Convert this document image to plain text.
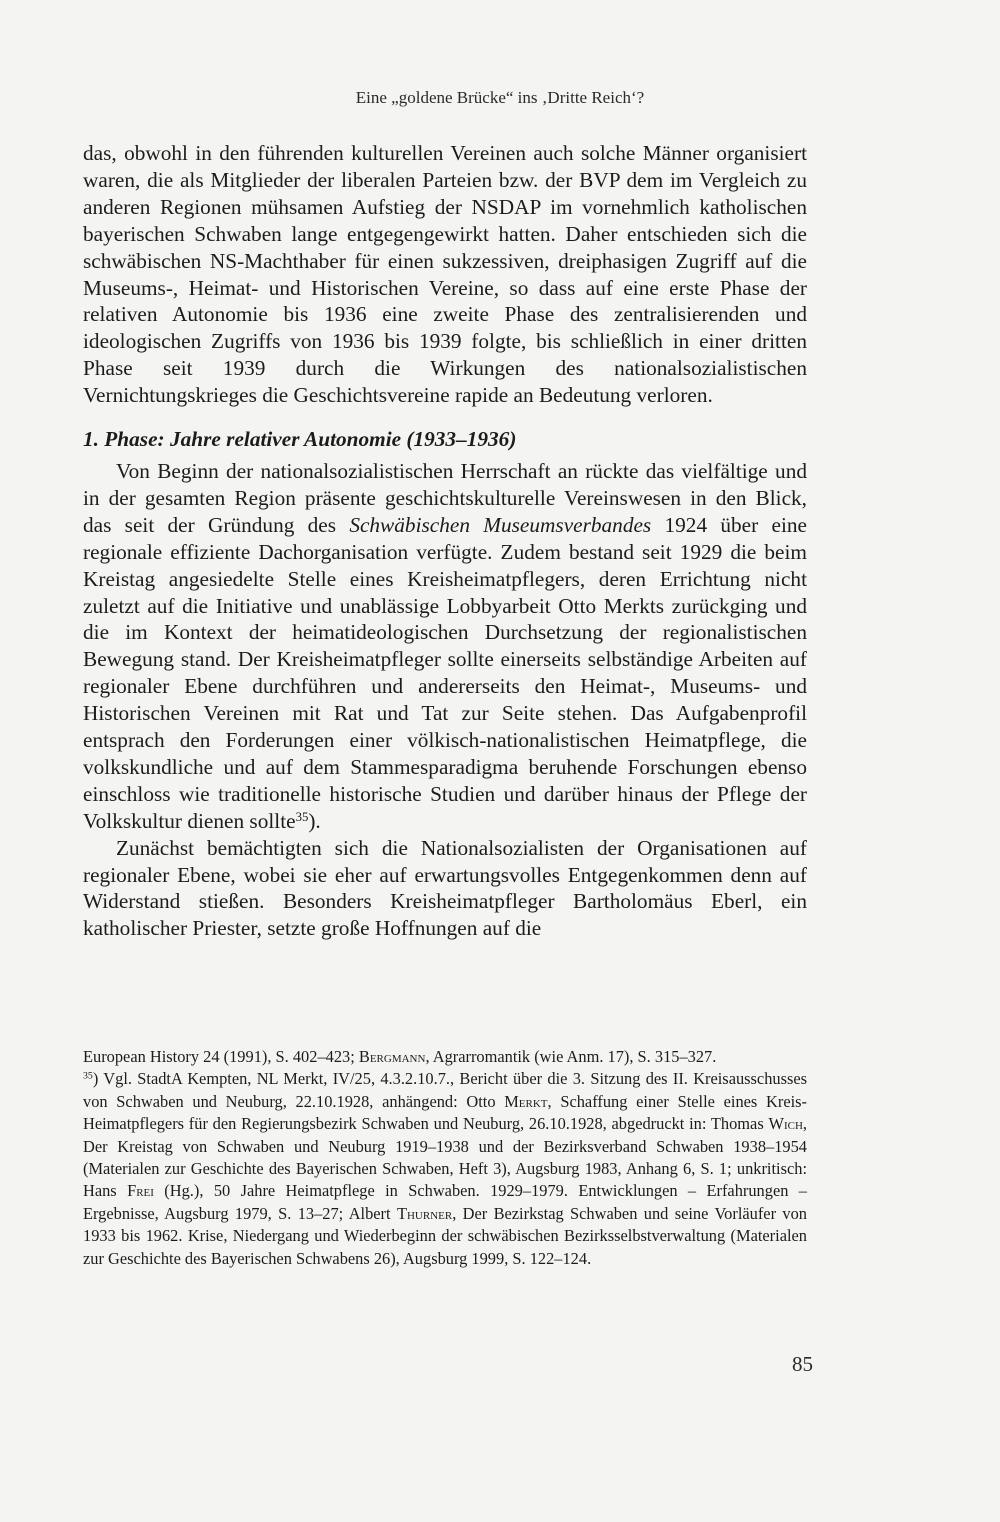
Eine „goldene Brücke“ ins ‚Dritte Reich‘?

das, obwohl in den führenden kulturellen Vereinen auch solche Männer organisiert waren, die als Mitglieder der liberalen Parteien bzw. der BVP dem im Vergleich zu anderen Regionen mühsamen Aufstieg der NSDAP im vornehmlich katholischen bayerischen Schwaben lange entgegengewirkt hatten. Daher entschieden sich die schwäbischen NS-Machthaber für einen sukzessiven, dreiphasigen Zugriff auf die Museums-, Heimat- und Historischen Vereine, so dass auf eine erste Phase der relativen Autonomie bis 1936 eine zweite Phase des zentralisierenden und ideologischen Zugriffs von 1936 bis 1939 folgte, bis schließlich in einer dritten Phase seit 1939 durch die Wirkungen des nationalsozialistischen Vernichtungskrieges die Geschichtsvereine rapide an Bedeutung verloren.

1. Phase: Jahre relativer Autonomie (1933–1936)

Von Beginn der nationalsozialistischen Herrschaft an rückte das vielfältige und in der gesamten Region präsente geschichtskulturelle Vereinswesen in den Blick, das seit der Gründung des Schwäbischen Museumsverbandes 1924 über eine regionale effiziente Dachorganisation verfügte. Zudem bestand seit 1929 die beim Kreistag angesiedelte Stelle eines Kreisheimatpflegers, deren Errichtung nicht zuletzt auf die Initiative und unablässige Lobbyarbeit Otto Merkts zurückging und die im Kontext der heimatideologischen Durchsetzung der regionalistischen Bewegung stand. Der Kreisheimatpfleger sollte einerseits selbständige Arbeiten auf regionaler Ebene durchführen und andererseits den Heimat-, Museums- und Historischen Vereinen mit Rat und Tat zur Seite stehen. Das Aufgabenprofil entsprach den Forderungen einer völkisch-nationalistischen Heimatpflege, die volkskundliche und auf dem Stammesparadigma beruhende Forschungen ebenso einschloss wie traditionelle historische Studien und darüber hinaus der Pflege der Volkskultur dienen sollte$^{35}$).

Zunächst bemächtigten sich die Nationalsozialisten der Organisationen auf regionaler Ebene, wobei sie eher auf erwartungsvolles Entgegenkommen denn auf Widerstand stießen. Besonders Kreisheimatpfleger Bartholomäus Eberl, ein katholischer Priester, setzte große Hoffnungen auf die

European History 24 (1991), S. 402–423; Bergmann, Agrarromantik (wie Anm. 17), S. 315–327.

$^{35}$) Vgl. StadtA Kempten, NL Merkt, IV/25, 4.3.2.10.7., Bericht über die 3. Sitzung des II. Kreisausschusses von Schwaben und Neuburg, 22.10.1928, anhängend: Otto Merkt, Schaffung einer Stelle eines Kreis-Heimatpflegers für den Regierungsbezirk Schwaben und Neuburg, 26.10.1928, abgedruckt in: Thomas Wich, Der Kreistag von Schwaben und Neuburg 1919–1938 und der Bezirksverband Schwaben 1938–1954 (Materialen zur Geschichte des Bayerischen Schwaben, Heft 3), Augsburg 1983, Anhang 6, S. 1; unkritisch: Hans Frei (Hg.), 50 Jahre Heimatpflege in Schwaben. 1929–1979. Entwicklungen – Erfahrungen – Ergebnisse, Augsburg 1979, S. 13–27; Albert Thurner, Der Bezirkstag Schwaben und seine Vorläufer von 1933 bis 1962. Krise, Niedergang und Wiederbeginn der schwäbischen Bezirksselbstverwaltung (Materialen zur Geschichte des Bayerischen Schwabens 26), Augsburg 1999, S. 122–124.

85
